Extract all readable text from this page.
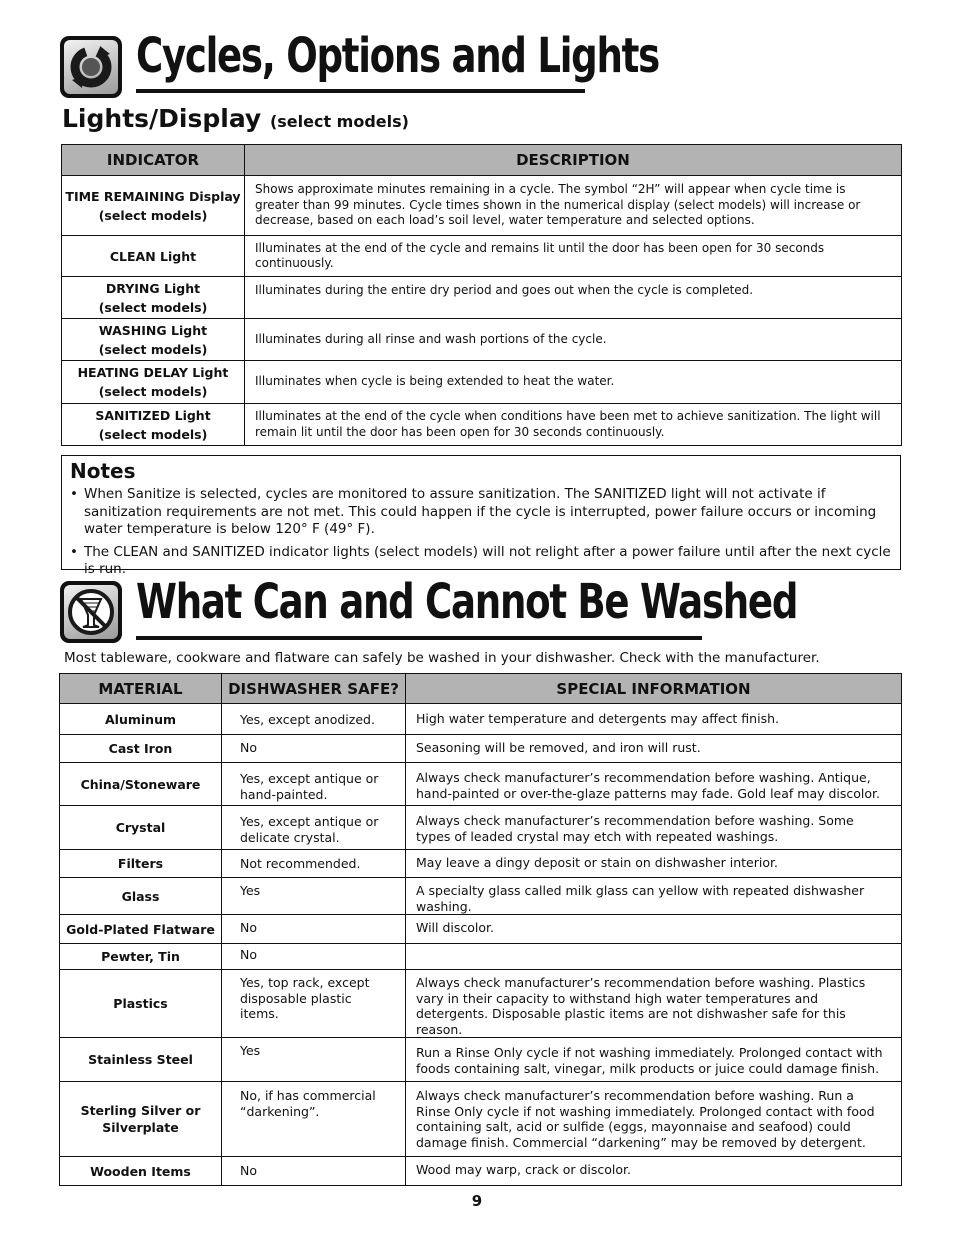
Cycles, Options and Lights
Lights/Display (select models)
INDICATOR	DESCRIPTION
TIME REMAINING Display
(select models)	Shows approximate minutes remaining in a cycle. The symbol “2H” will appear when cycle time is greater than 99 minutes. Cycle times shown in the numerical display (select models) will increase or decrease, based on each load’s soil level, water temperature and selected options.
CLEAN Light	Illuminates at the end of the cycle and remains lit until the door has been open for 30 seconds continuously.
DRYING Light
(select models)	Illuminates during the entire dry period and goes out when the cycle is completed.
WASHING Light
(select models)	Illuminates during all rinse and wash portions of the cycle.
HEATING DELAY Light
(select models)	Illuminates when cycle is being extended to heat the water.
SANITIZED Light
(select models)	Illuminates at the end of the cycle when conditions have been met to achieve sanitization. The light will remain lit until the door has been open for 30 seconds continuously.
Notes
• When Sanitize is selected, cycles are monitored to assure sanitization. The SANITIZED light will not activate if sanitization requirements are not met. This could happen if the cycle is interrupted, power failure occurs or incoming water temperature is below 120° F (49° F).
• The CLEAN and SANITIZED indicator lights (select models) will not relight after a power failure until after the next cycle is run.
What Can and Cannot Be Washed
Most tableware, cookware and flatware can safely be washed in your dishwasher. Check with the manufacturer.
MATERIAL	DISHWASHER SAFE?	SPECIAL INFORMATION
Aluminum	Yes, except anodized.	High water temperature and detergents may affect finish.
Cast Iron	No	Seasoning will be removed, and iron will rust.
China/Stoneware	Yes, except antique or hand-painted.	Always check manufacturer’s recommendation before washing. Antique, hand-painted or over-the-glaze patterns may fade. Gold leaf may discolor.
Crystal	Yes, except antique or delicate crystal.	Always check manufacturer’s recommendation before washing. Some types of leaded crystal may etch with repeated washings.
Filters	Not recommended.	May leave a dingy deposit or stain on dishwasher interior.
Glass	Yes	A specialty glass called milk glass can yellow with repeated dishwasher washing.
Gold-Plated Flatware	No	Will discolor.
Pewter, Tin	No	
Plastics	Yes, top rack, except disposable plastic items.	Always check manufacturer’s recommendation before washing. Plastics vary in their capacity to withstand high water temperatures and detergents. Disposable plastic items are not dishwasher safe for this reason.
Stainless Steel	Yes	Run a Rinse Only cycle if not washing immediately. Prolonged contact with foods containing salt, vinegar, milk products or juice could damage finish.
Sterling Silver or Silverplate	No, if has commercial “darkening”.	Always check manufacturer’s recommendation before washing. Run a Rinse Only cycle if not washing immediately. Prolonged contact with food containing salt, acid or sulfide (eggs, mayonnaise and seafood) could damage finish. Commercial “darkening” may be removed by detergent.
Wooden Items	No	Wood may warp, crack or discolor.
9
